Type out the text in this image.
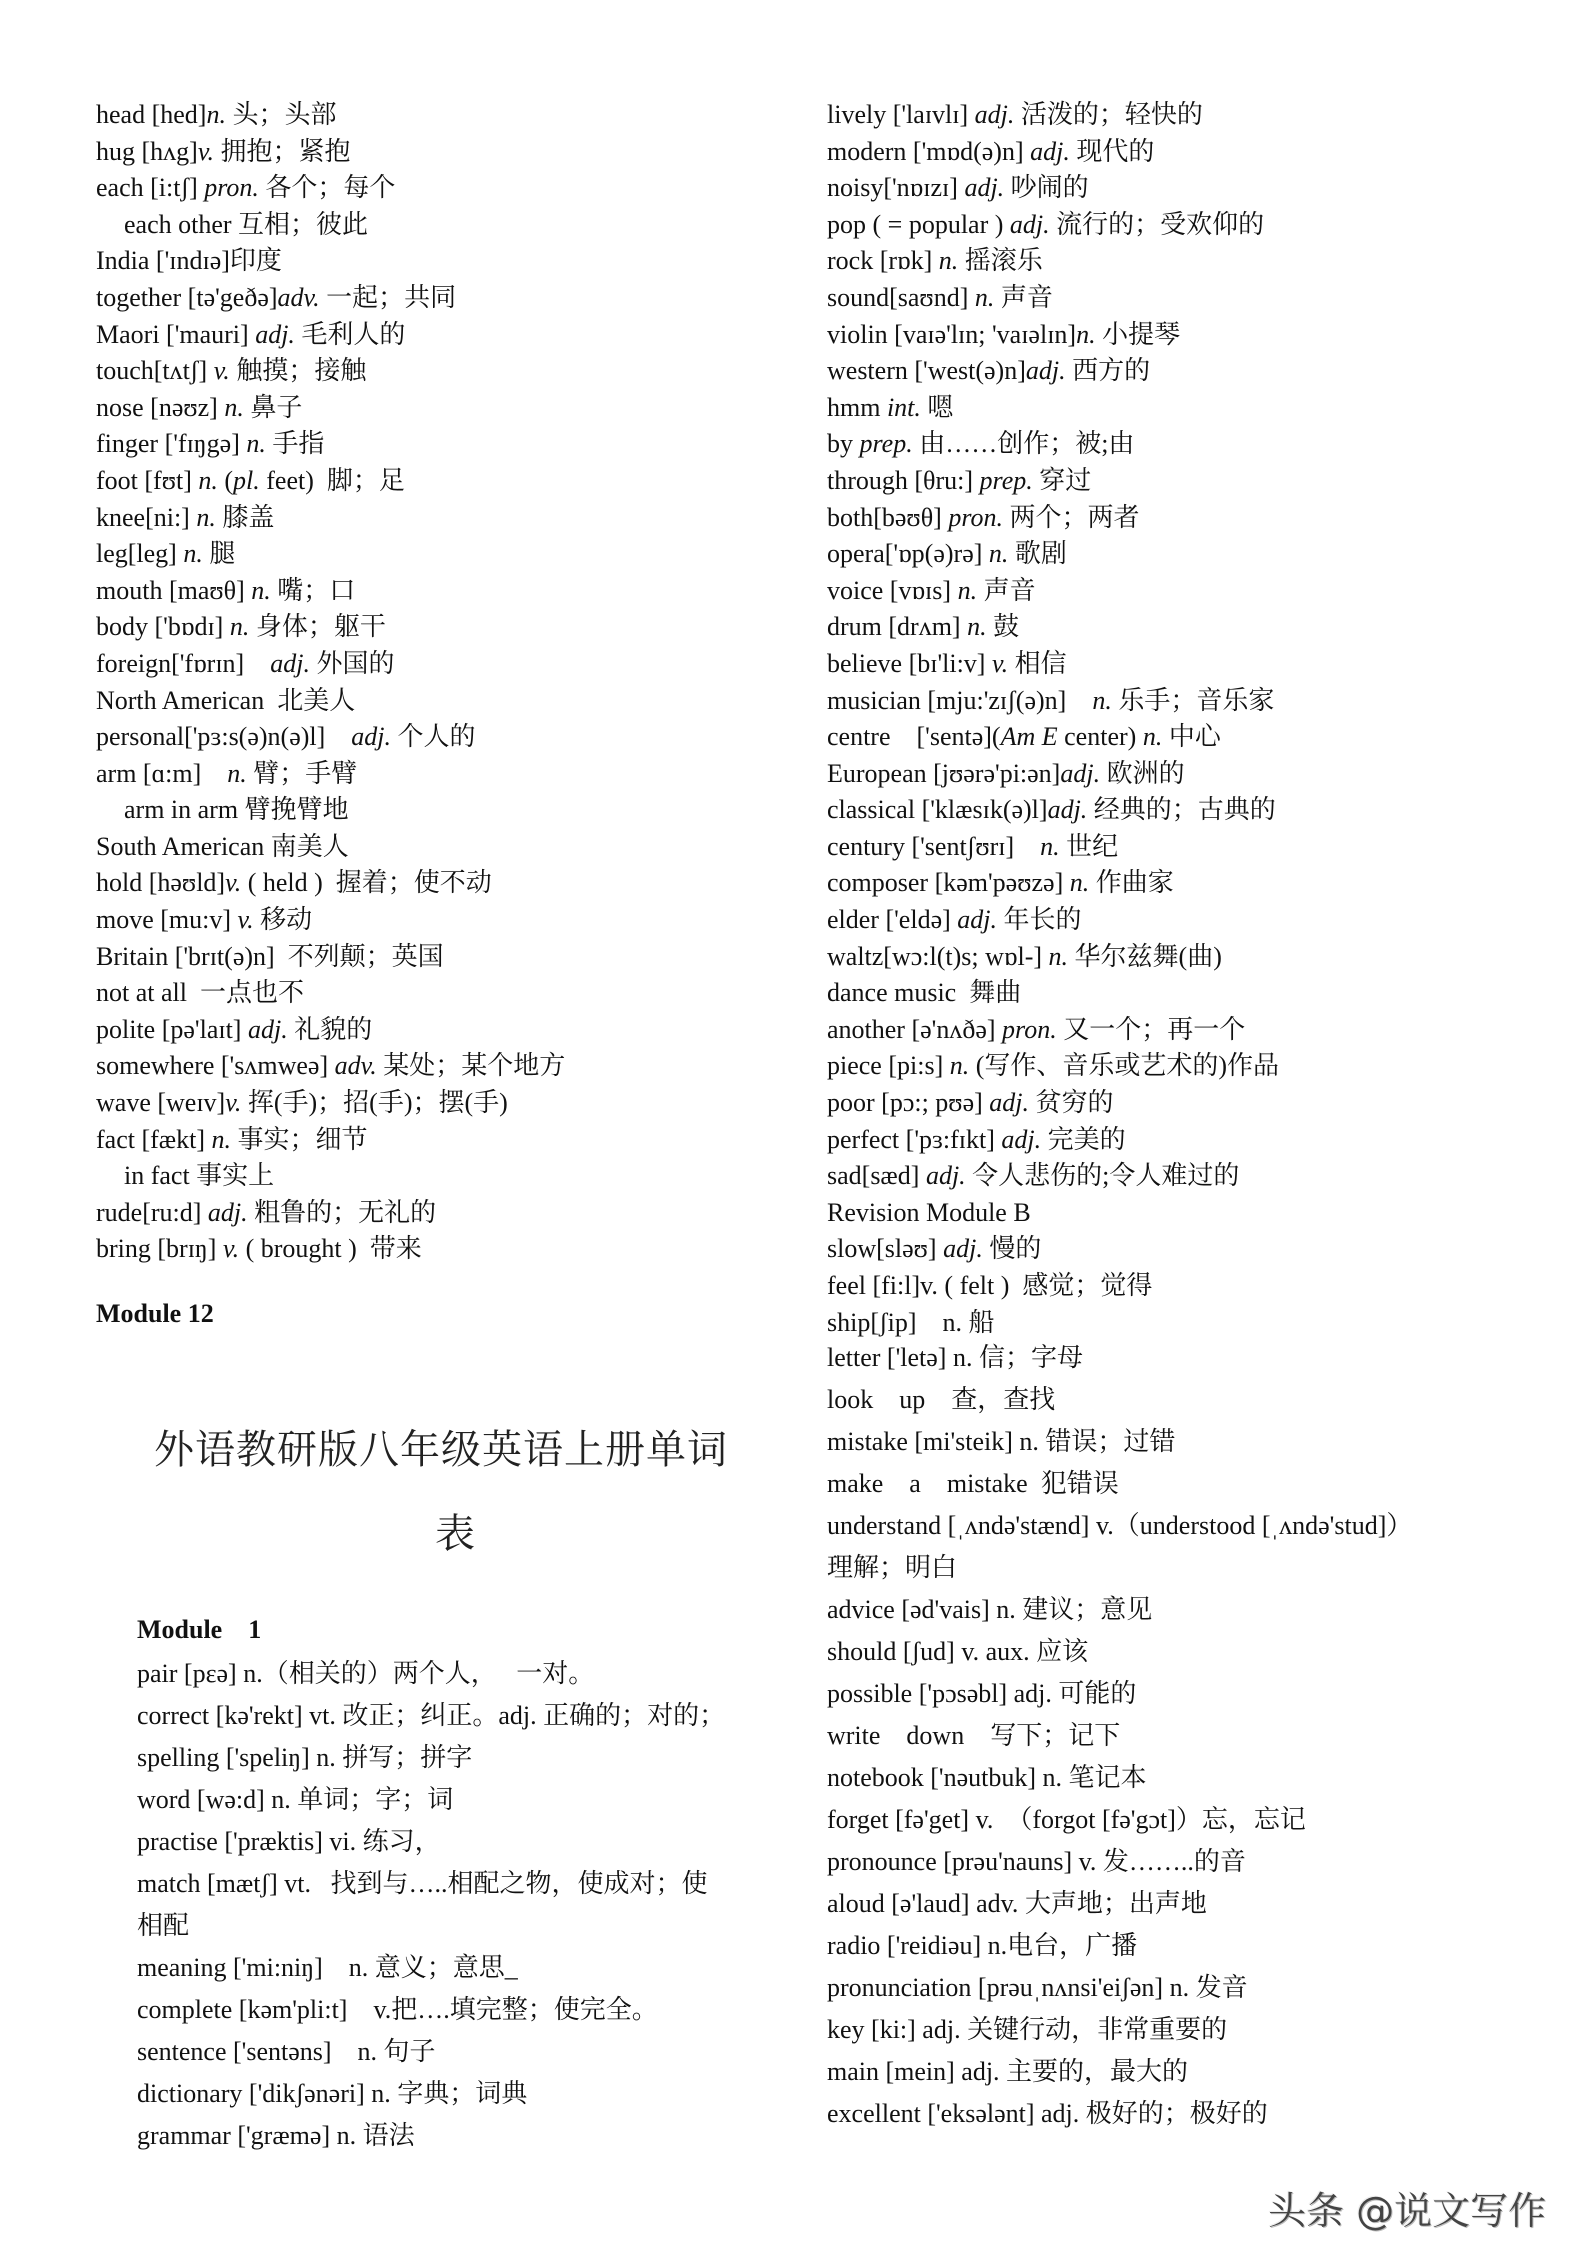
head [hed]n. 头；头部
hug [hʌg]v. 拥抱；紧抱
each [i:tʃ] pron. 各个；每个
each other 互相；彼此
India ['ɪndɪə]印度
together [tə'geðə]adv. 一起；共同
Maori ['mauri] adj. 毛利人的
touch[tʌtʃ] v. 触摸；接触
nose [nəʊz] n. 鼻子
finger ['fɪŋgə] n. 手指
foot [fʊt] n. (pl. feet)  脚；足
knee[ni:] n. 膝盖
leg[leg] n. 腿
mouth [maʊθ] n. 嘴；口
body ['bɒdɪ] n. 身体；躯干
foreign['fɒrɪn]    adj. 外国的
North American  北美人
personal['pɜ:s(ə)n(ə)l]    adj. 个人的
arm [ɑ:m]    n. 臂；手臂
arm in arm 臂挽臂地
South American 南美人
hold [həʊld]v. ( held )  握着；使不动
move [mu:v] v. 移动
Britain ['brɪt(ə)n]  不列颠；英国
not at all  一点也不
polite [pə'laɪt] adj. 礼貌的
somewhere ['sʌmweə] adv. 某处；某个地方
wave [weɪv]v. 挥(手)；招(手)；摆(手)
fact [fækt] n. 事实；细节
in fact 事实上
rude[ru:d] adj. 粗鲁的；无礼的
bring [brɪŋ] v. ( brought )  带来
Module 12
外语教研版八年级英语上册单词
表
Module    1
pair [pεə] n.（相关的）两个人，   一对。
correct [kə'rekt] vt. 改正；纠正。adj. 正确的；对的；
spelling ['speliŋ] n. 拼写；拼字
word [wə:d] n. 单词；字；词
practise ['præktis] vi. 练习，
match [mætʃ] vt.   找到与…..相配之物，使成对；使
相配
meaning ['mi:niŋ]    n. 意义；意思_
complete [kəm'pli:t]    v.把….填完整；使完全。
sentence ['sentəns]    n. 句子
dictionary ['dikʃənəri] n. 字典；词典
grammar ['græmə] n. 语法
lively ['laɪvlɪ] adj. 活泼的；轻快的
modern ['mɒd(ə)n] adj. 现代的
noisy['nɒɪzɪ] adj. 吵闹的
pop ( = popular ) adj. 流行的；受欢仰的
rock [rɒk] n. 摇滚乐
sound[saʊnd] n. 声音
violin [vaɪə'lɪn; 'vaɪəlɪn]n. 小提琴
western ['west(ə)n]adj. 西方的
hmm int. 嗯
by prep. 由……创作；被;由
through [θru:] prep. 穿过
both[bəʊθ] pron. 两个；两者
opera['ɒp(ə)rə] n. 歌剧
voice [vɒɪs] n. 声音
drum [drʌm] n. 鼓
believe [bɪ'li:v] v. 相信
musician [mju:'zɪʃ(ə)n]    n. 乐手；音乐家
centre    ['sentə](Am E center) n. 中心
European [jʊərə'pi:ən]adj. 欧洲的
classical ['klæsɪk(ə)l]adj. 经典的；古典的
century ['sentʃʊrɪ]    n. 世纪
composer [kəm'pəʊzə] n. 作曲家
elder ['eldə] adj. 年长的
waltz[wɔ:l(t)s; wɒl-] n. 华尔兹舞(曲)
dance music  舞曲
another [ə'nʌðə] pron. 又一个；再一个
piece [pi:s] n. (写作、音乐或艺术的)作品
poor [pɔ:; pʊə] adj. 贫穷的
perfect ['pɜ:fɪkt] adj. 完美的
sad[sæd] adj. 令人悲伤的;令人难过的
Revision Module B
slow[sləʊ] adj. 慢的
feel [fi:l]v. ( felt )  感觉；觉得
ship[ʃip]    n. 船
letter ['letə] n. 信；字母
look    up    查，查找
mistake [mi'steik] n. 错误；过错
make    a    mistake  犯错误
understand [ˌʌndə'stænd] v.（understood [ˌʌndə'stud]）
理解；明白
advice [əd'vais] n. 建议；意见
should [ʃud] v. aux. 应该
possible ['pɔsəbl] adj. 可能的
write    down    写下；记下
notebook ['nəutbuk] n. 笔记本
forget [fə'get] v.  （forgot [fə'gɔt]）忘，忘记
pronounce [prəu'nauns] v. 发……..的音
aloud [ə'laud] adv. 大声地；出声地
radio ['reidiəu] n.电台，广播
pronunciation [prəuˌnʌnsi'eiʃən] n. 发音
key [ki:] adj. 关键行动，非常重要的
main [mein] adj. 主要的，最大的
excellent ['eksələnt] adj. 极好的；极好的
头条 @说文写作
